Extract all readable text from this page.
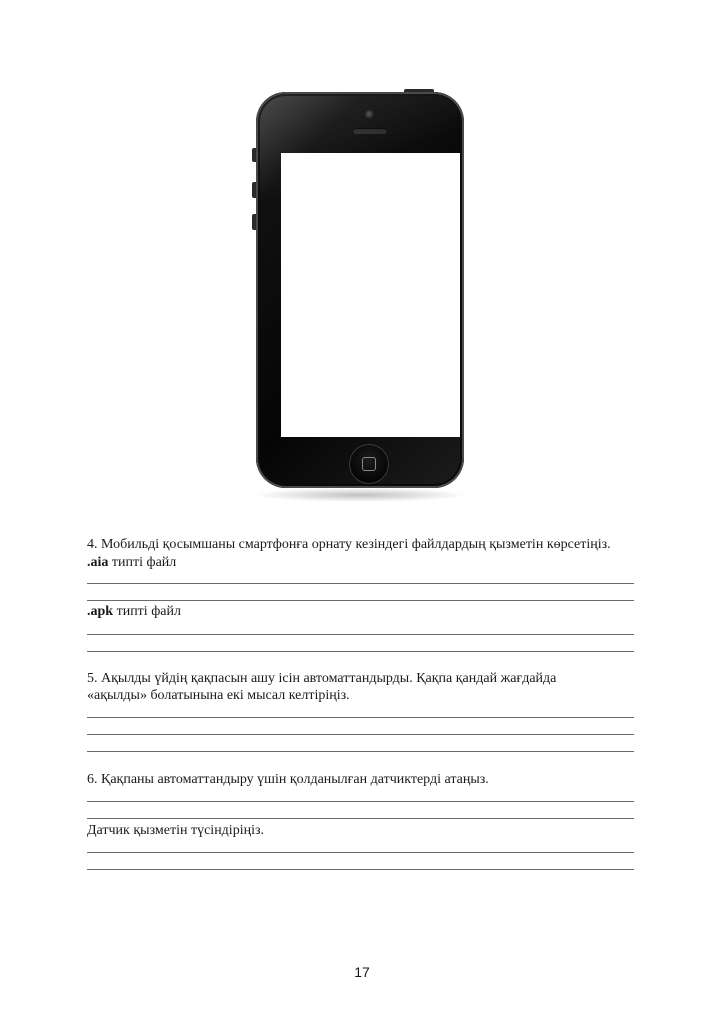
4. Мобильді қосымшаны смартфонға орнату кезіндегі файлдардың қызметін көрсетіңіз.
.aia типті файл
.apk типті файл
5. Ақылды үйдің қақпасын ашу ісін автоматтандырды. Қақпа қандай жағдайда
«ақылды» болатынына екі мысал келтіріңіз.
6. Қақпаны автоматтандыру үшін қолданылған датчиктерді атаңыз.
Датчик қызметін түсіндіріңіз.
17
